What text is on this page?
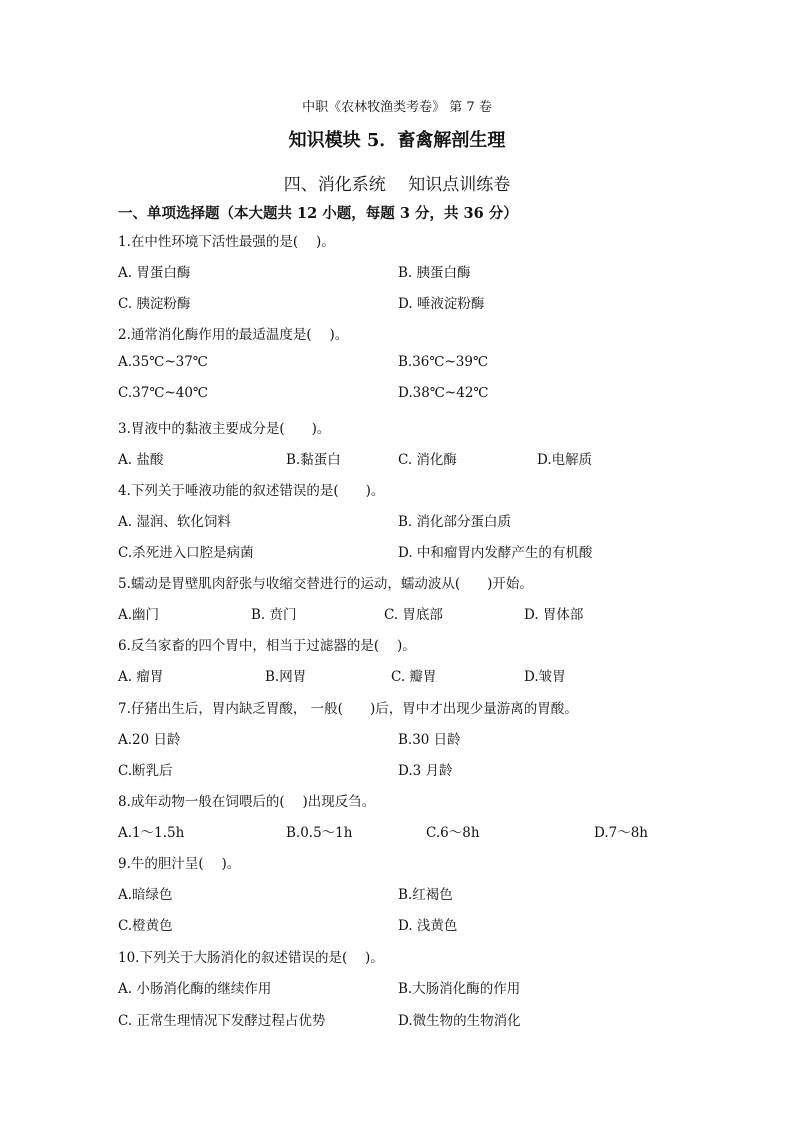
中职《农林牧渔类考卷》 第 7 卷
知识模块 5．畜禽解剖生理
四、消化系统　 知识点训练卷
一、单项选择题（本大题共 12 小题，每题 3 分，共 36 分）
1.在中性环境下活性最强的是(　 )。
A. 胃蛋白酶	B. 胰蛋白酶
C. 胰淀粉酶	D. 唾液淀粉酶
2.通常消化酶作用的最适温度是(　 )。
A.35℃~37℃	B.36℃~39℃
C.37℃~40℃	D.38℃~42℃
3.胃液中的黏液主要成分是(　　)。
A. 盐酸	B.黏蛋白	C. 消化酶	D.电解质
4.下列关于唾液功能的叙述错误的是(　　)。
A. 湿润、软化饲料	B. 消化部分蛋白质
C.杀死进入口腔是病菌	D. 中和瘤胃内发酵产生的有机酸
5.蠕动是胃壁肌肉舒张与收缩交替进行的运动，蠕动波从(　　)开始。
A.幽门	B. 贲门	C. 胃底部	D. 胃体部
6.反刍家畜的四个胃中，相当于过滤器的是(　 )。
A. 瘤胃	B.网胃	C. 瓣胃	D.皱胃
7.仔猪出生后，胃内缺乏胃酸， 一般(　　)后，胃中才出现少量游离的胃酸。
A.20 日龄	B.30 日龄
C.断乳后	D.3 月龄
8.成年动物一般在饲喂后的(　 )出现反刍。
A.1～1.5h	B.0.5～1h	C.6～8h	D.7～8h
9.牛的胆汁呈(　 )。
A.暗绿色	B.红褐色
C.橙黄色	D. 浅黄色
10.下列关于大肠消化的叙述错误的是(　 )。
A. 小肠消化酶的继续作用	B.大肠消化酶的作用
C. 正常生理情况下发酵过程占优势	D.微生物的生物消化
